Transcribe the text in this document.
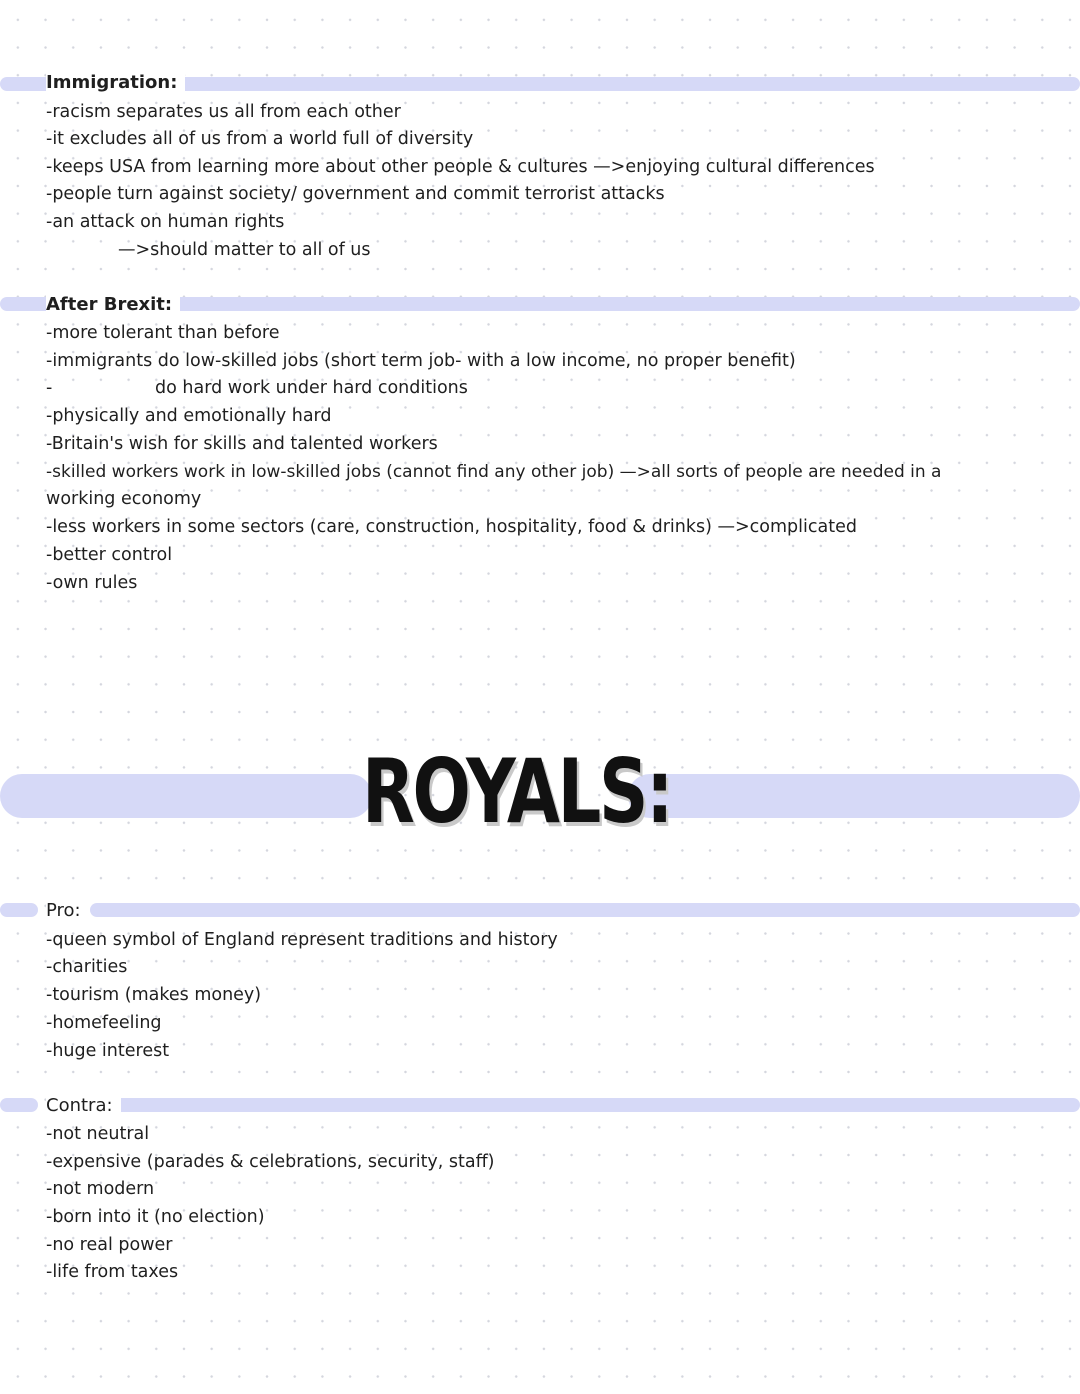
Immigration:
-racism separates us all from each other
-it excludes all of us from a world full of diversity
-keeps USA from learning more about other people & cultures —>enjoying cultural differences
-people turn against society/ government and commit terrorist attacks
-an attack on human rights
—>should matter to all of us
After Brexit:
-more tolerant than before
-immigrants do low-skilled jobs (short term job- with a low income, no proper benefit)
-	do hard work under hard conditions
-physically and emotionally hard
-Britain's wish for skills and talented workers
-skilled workers work in low-skilled jobs (cannot find any other job) —>all sorts of people are needed in a
working economy
-less workers in some sectors (care, construction, hospitality, food & drinks) —>complicated
-better control
-own rules
ROYALS:
Pro:
-queen symbol of England represent traditions and history
-charities
-tourism (makes money)
-homefeeling
-huge interest
Contra:
-not neutral
-expensive (parades & celebrations, security, staff)
-not modern
-born into it (no election)
-no real power
-life from taxes
